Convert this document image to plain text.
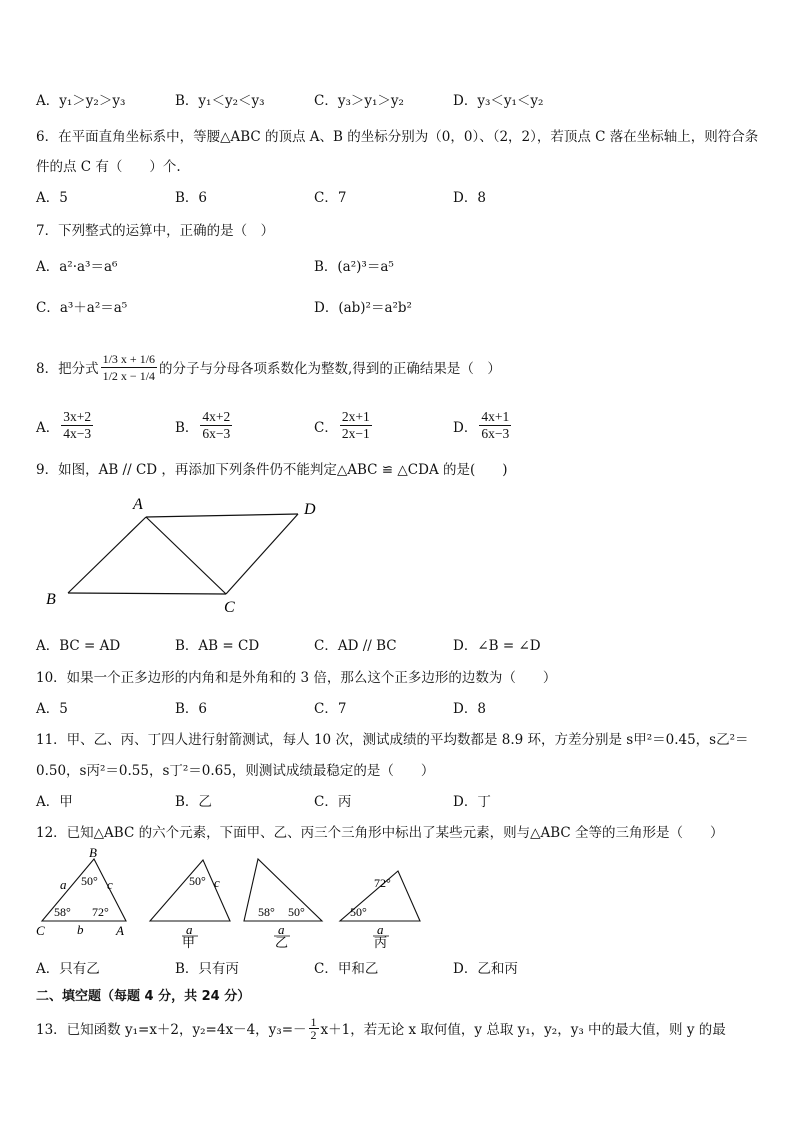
A．y₁＞y₂＞y₃	B．y₁＜y₂＜y₃	C．y₃＞y₁＞y₂	D．y₃＜y₁＜y₂
6．在平面直角坐标系中，等腰△ABC 的顶点 A、B 的坐标分别为（0，0）、（2，2），若顶点 C 落在坐标轴上，则符合条
件的点 C 有（　　）个.
A．5	B．6	C．7	D．8
7．下列整式的运算中，正确的是（　）
A．a²·a³＝a⁶	B．(a²)³＝a⁵
C．a³＋a²＝a⁵	D．(ab)²＝a²b²
8．把分式 $\frac{1/3 x + 1/6}{1/2 x - 1/4}$ 的分子与分母各项系数化为整数,得到的正确结果是（　）
A． $\frac{3x+2}{4x-3}$	B． $\frac{4x+2}{6x-3}$	C． $\frac{2x+1}{2x-1}$	D． $\frac{4x+1}{6x-3}$
9．如图，AB // CD ，再添加下列条件仍不能判定△ABC ≌ △CDA 的是(　　)
A	D
B	C
A．BC = AD	B．AB = CD	C．AD // BC	D．∠B = ∠D
10．如果一个正多边形的内角和是外角和的 3 倍，那么这个正多边形的边数为（　　）
A．5	B．6	C．7	D．8
11．甲、乙、丙、丁四人进行射箭测试，每人 10 次，测试成绩的平均数都是 8.9 环，方差分别是 s甲²＝0.45，s乙²＝
0.50，s丙²＝0.55，s丁²＝0.65，则测试成绩最稳定的是（　　）
A．甲	B．乙	C．丙	D．丁
12．已知△ABC 的六个元素，下面甲、乙、丙三个三角形中标出了某些元素，则与△ABC 全等的三角形是（　　）
B
C	A
a	c
b
50°
58° 72°
50° c
a
甲
58° 50°
a
乙
72°
50°
a
丙
A．只有乙	B．只有丙	C．甲和乙	D．乙和丙
二、填空题（每题 4 分，共 24 分）
13．已知函数 y₁=x＋2，y₂=4x－4，$y_3=- \frac{1}{2} x+1$，若无论 x 取何值，y 总取 y₁，y₂，y₃ 中的最大值，则 y 的最
